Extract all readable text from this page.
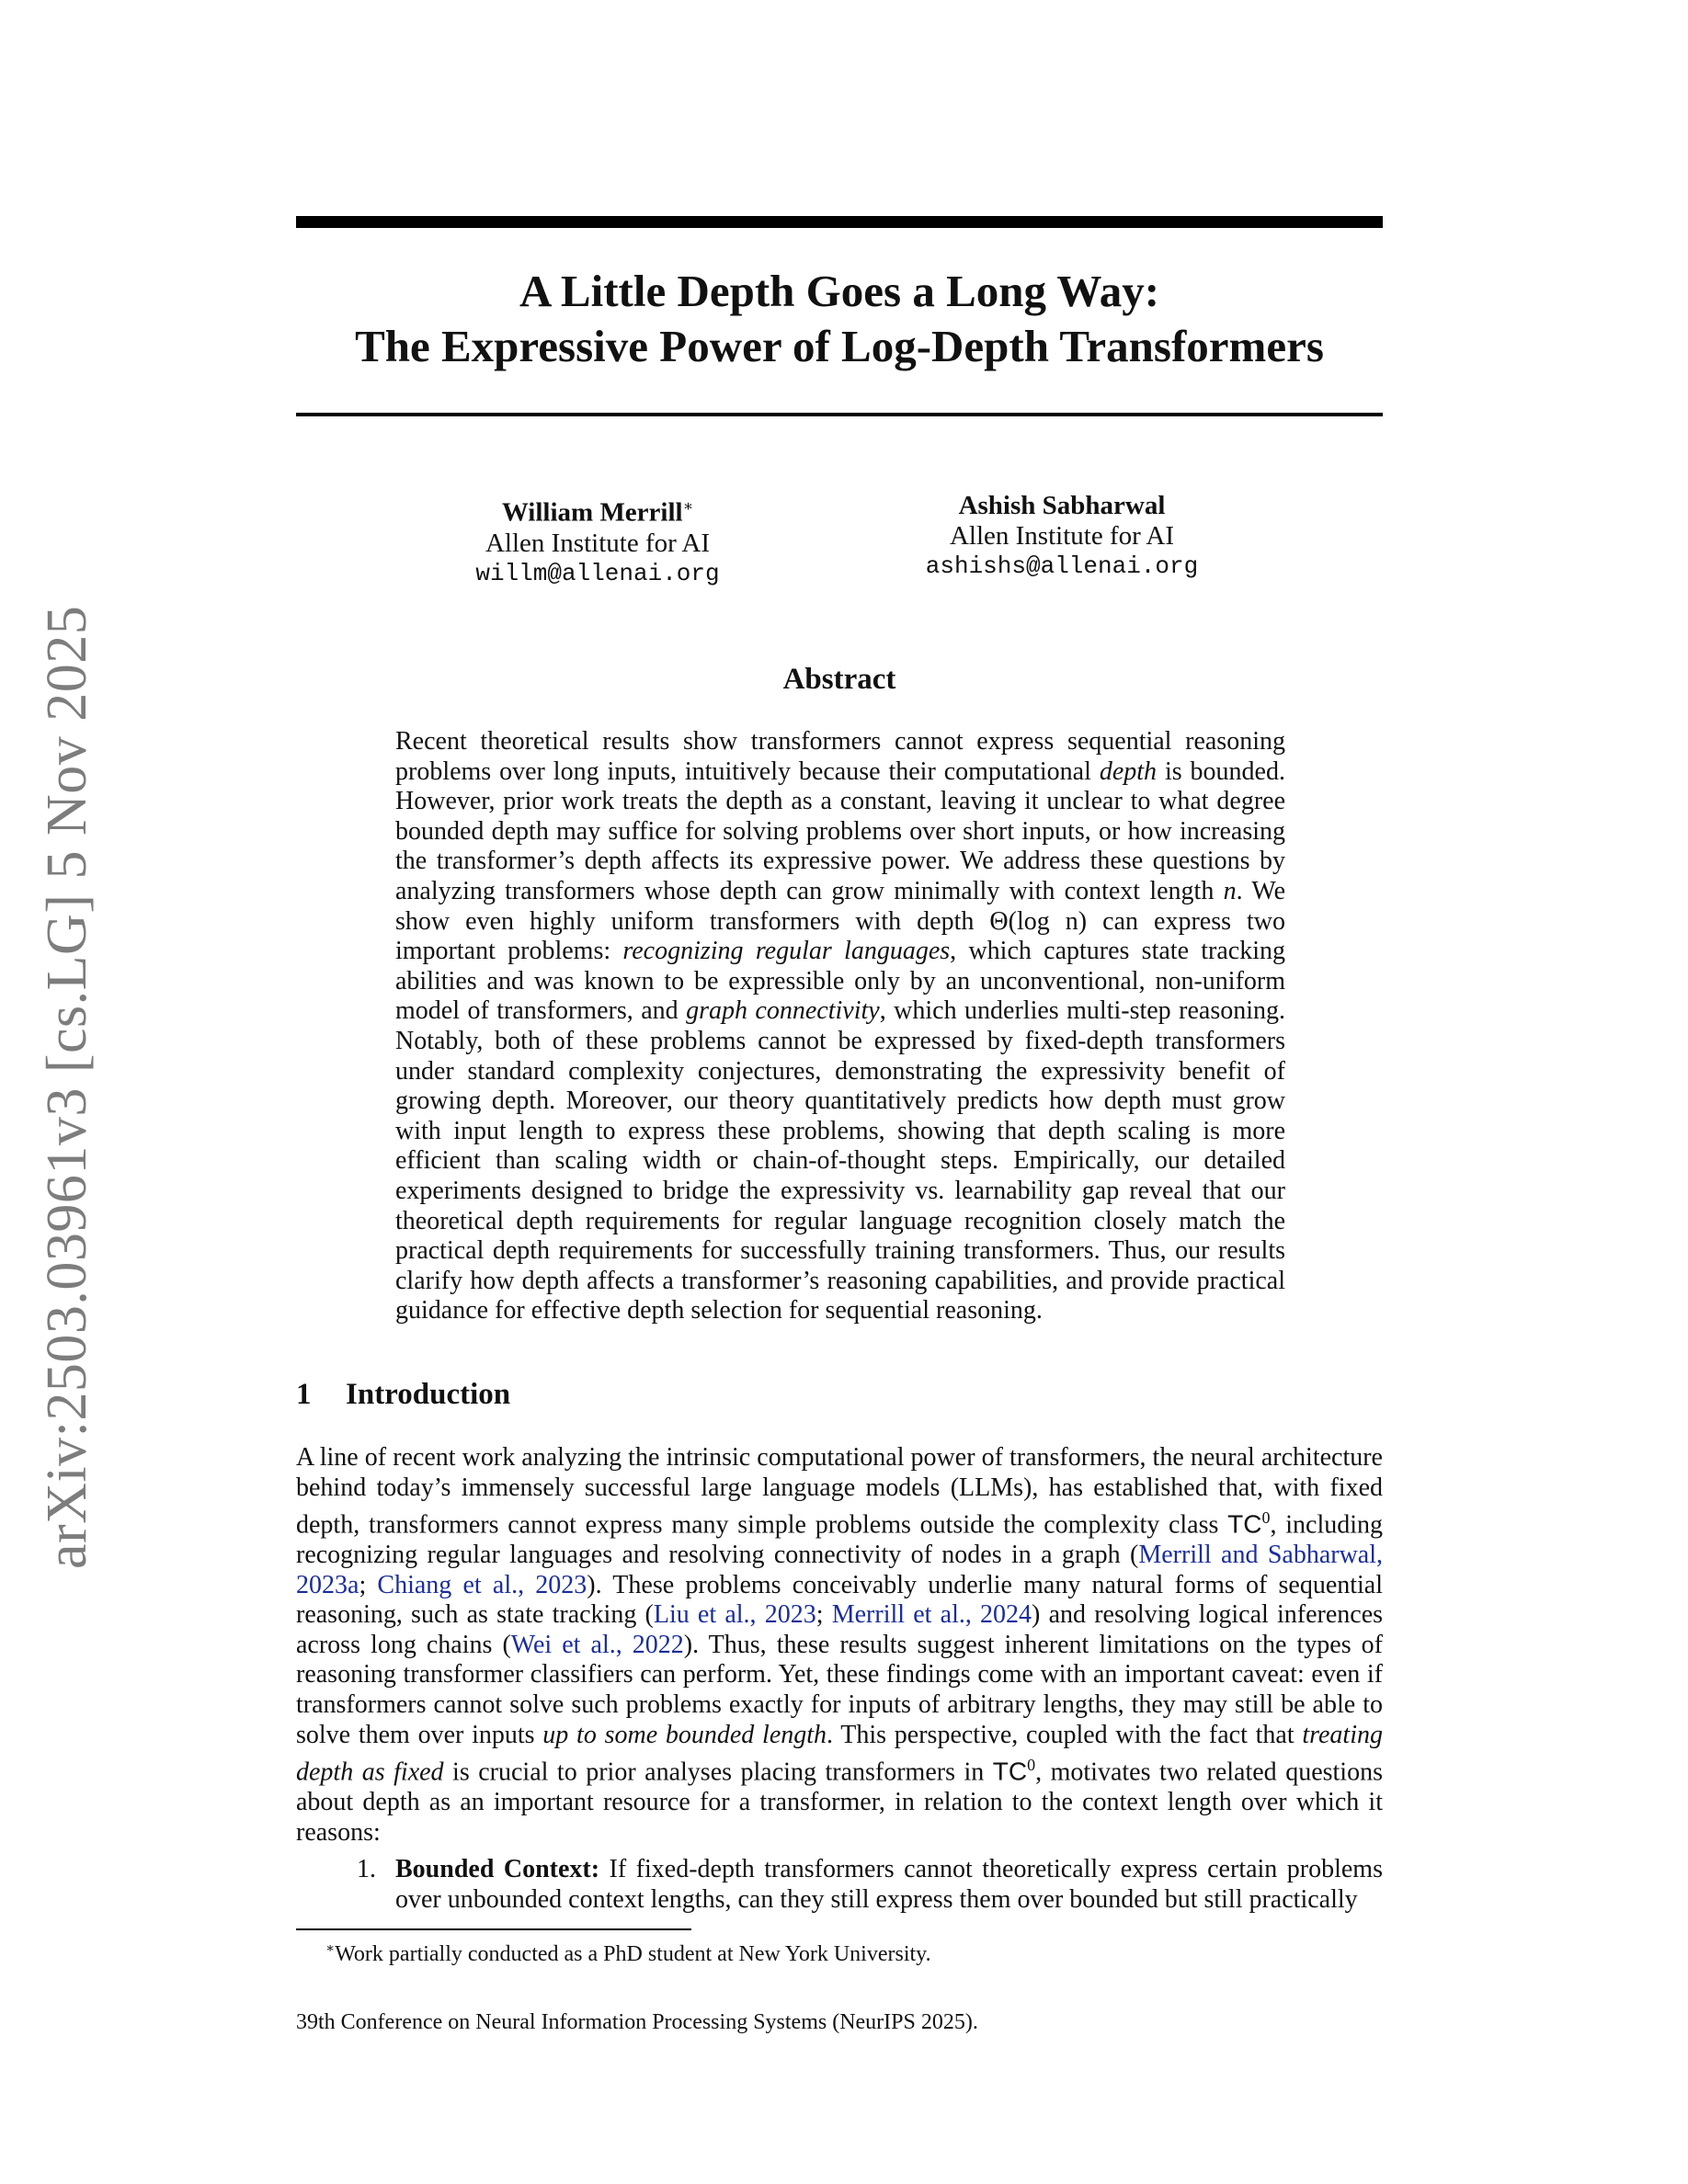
arXiv:2503.03961v3 [cs.LG] 5 Nov 2025
A Little Depth Goes a Long Way:
The Expressive Power of Log-Depth Transformers
William Merrill∗
Allen Institute for AI
willm@allenai.org
Ashish Sabharwal
Allen Institute for AI
ashishs@allenai.org
Abstract
Recent theoretical results show transformers cannot express sequential reasoning problems over long inputs, intuitively because their computational depth is bounded. However, prior work treats the depth as a constant, leaving it unclear to what degree bounded depth may suffice for solving problems over short inputs, or how increasing the transformer’s depth affects its expressive power. We address these questions by analyzing transformers whose depth can grow minimally with context length n. We show even highly uniform transformers with depth Θ(log n) can express two important problems: recognizing regular languages, which captures state tracking abilities and was known to be expressible only by an unconventional, non-uniform model of transformers, and graph connectivity, which underlies multi-step reasoning. Notably, both of these problems cannot be expressed by fixed-depth transformers under standard complexity conjectures, demonstrating the expressivity benefit of growing depth. Moreover, our theory quantitatively predicts how depth must grow with input length to express these problems, showing that depth scaling is more efficient than scaling width or chain-of-thought steps. Empirically, our detailed experiments designed to bridge the expressivity vs. learnability gap reveal that our theoretical depth requirements for regular language recognition closely match the practical depth requirements for successfully training transformers. Thus, our results clarify how depth affects a transformer’s reasoning capabilities, and provide practical guidance for effective depth selection for sequential reasoning.
1 Introduction
A line of recent work analyzing the intrinsic computational power of transformers, the neural architecture behind today’s immensely successful large language models (LLMs), has established that, with fixed depth, transformers cannot express many simple problems outside the complexity class $TC^0$, including recognizing regular languages and resolving connectivity of nodes in a graph (Merrill and Sabharwal, 2023a; Chiang et al., 2023). These problems conceivably underlie many natural forms of sequential reasoning, such as state tracking (Liu et al., 2023; Merrill et al., 2024) and resolving logical inferences across long chains (Wei et al., 2022). Thus, these results suggest inherent limitations on the types of reasoning transformer classifiers can perform. Yet, these findings come with an important caveat: even if transformers cannot solve such problems exactly for inputs of arbitrary lengths, they may still be able to solve them over inputs up to some bounded length. This perspective, coupled with the fact that treating depth as fixed is crucial to prior analyses placing transformers in $TC^0$, motivates two related questions about depth as an important resource for a transformer, in relation to the context length over which it reasons:
1. Bounded Context: If fixed-depth transformers cannot theoretically express certain problems over unbounded context lengths, can they still express them over bounded but still practically
∗Work partially conducted as a PhD student at New York University.
39th Conference on Neural Information Processing Systems (NeurIPS 2025).
